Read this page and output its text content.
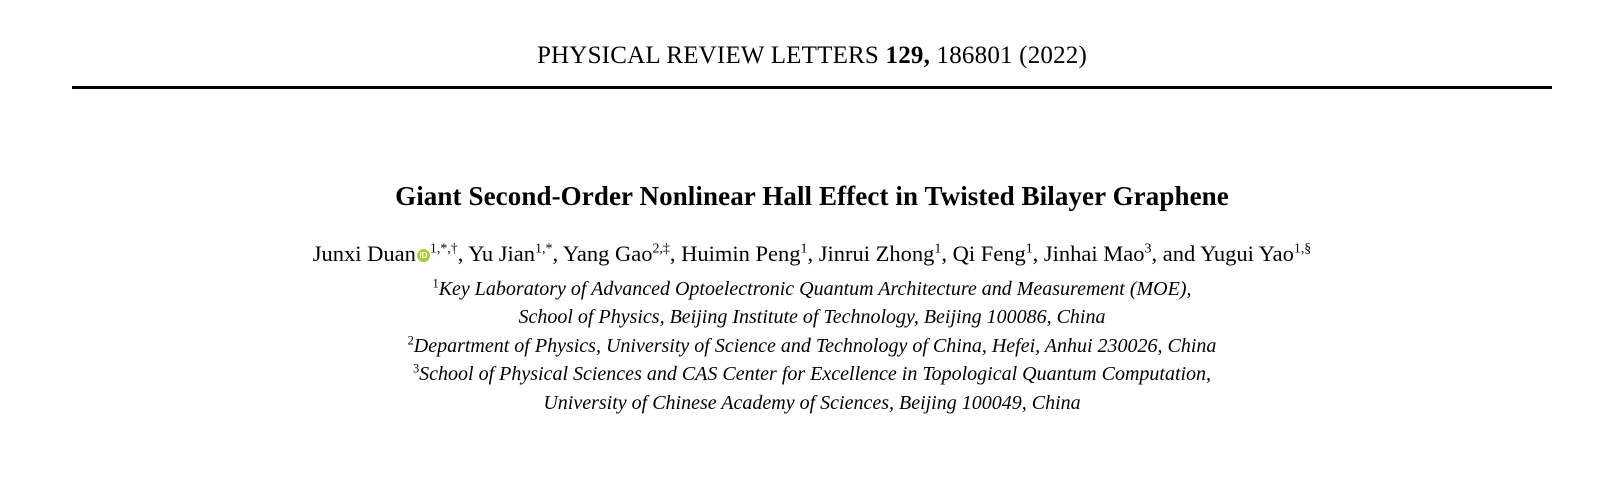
PHYSICAL REVIEW LETTERS 129, 186801 (2022)
Giant Second-Order Nonlinear Hall Effect in Twisted Bilayer Graphene
Junxi Duan iD $^{1,*,\dagger}$, Yu Jian$^{1,*}$, Yang Gao$^{2,\ddagger}$, Huimin Peng$^1$, Jinrui Zhong$^1$, Qi Feng$^1$, Jinhai Mao$^3$, and Yugui Yao$^{1,\S}$
$^1$Key Laboratory of Advanced Optoelectronic Quantum Architecture and Measurement (MOE),
School of Physics, Beijing Institute of Technology, Beijing 100086, China
$^2$Department of Physics, University of Science and Technology of China, Hefei, Anhui 230026, China
$^3$School of Physical Sciences and CAS Center for Excellence in Topological Quantum Computation,
University of Chinese Academy of Sciences, Beijing 100049, China
